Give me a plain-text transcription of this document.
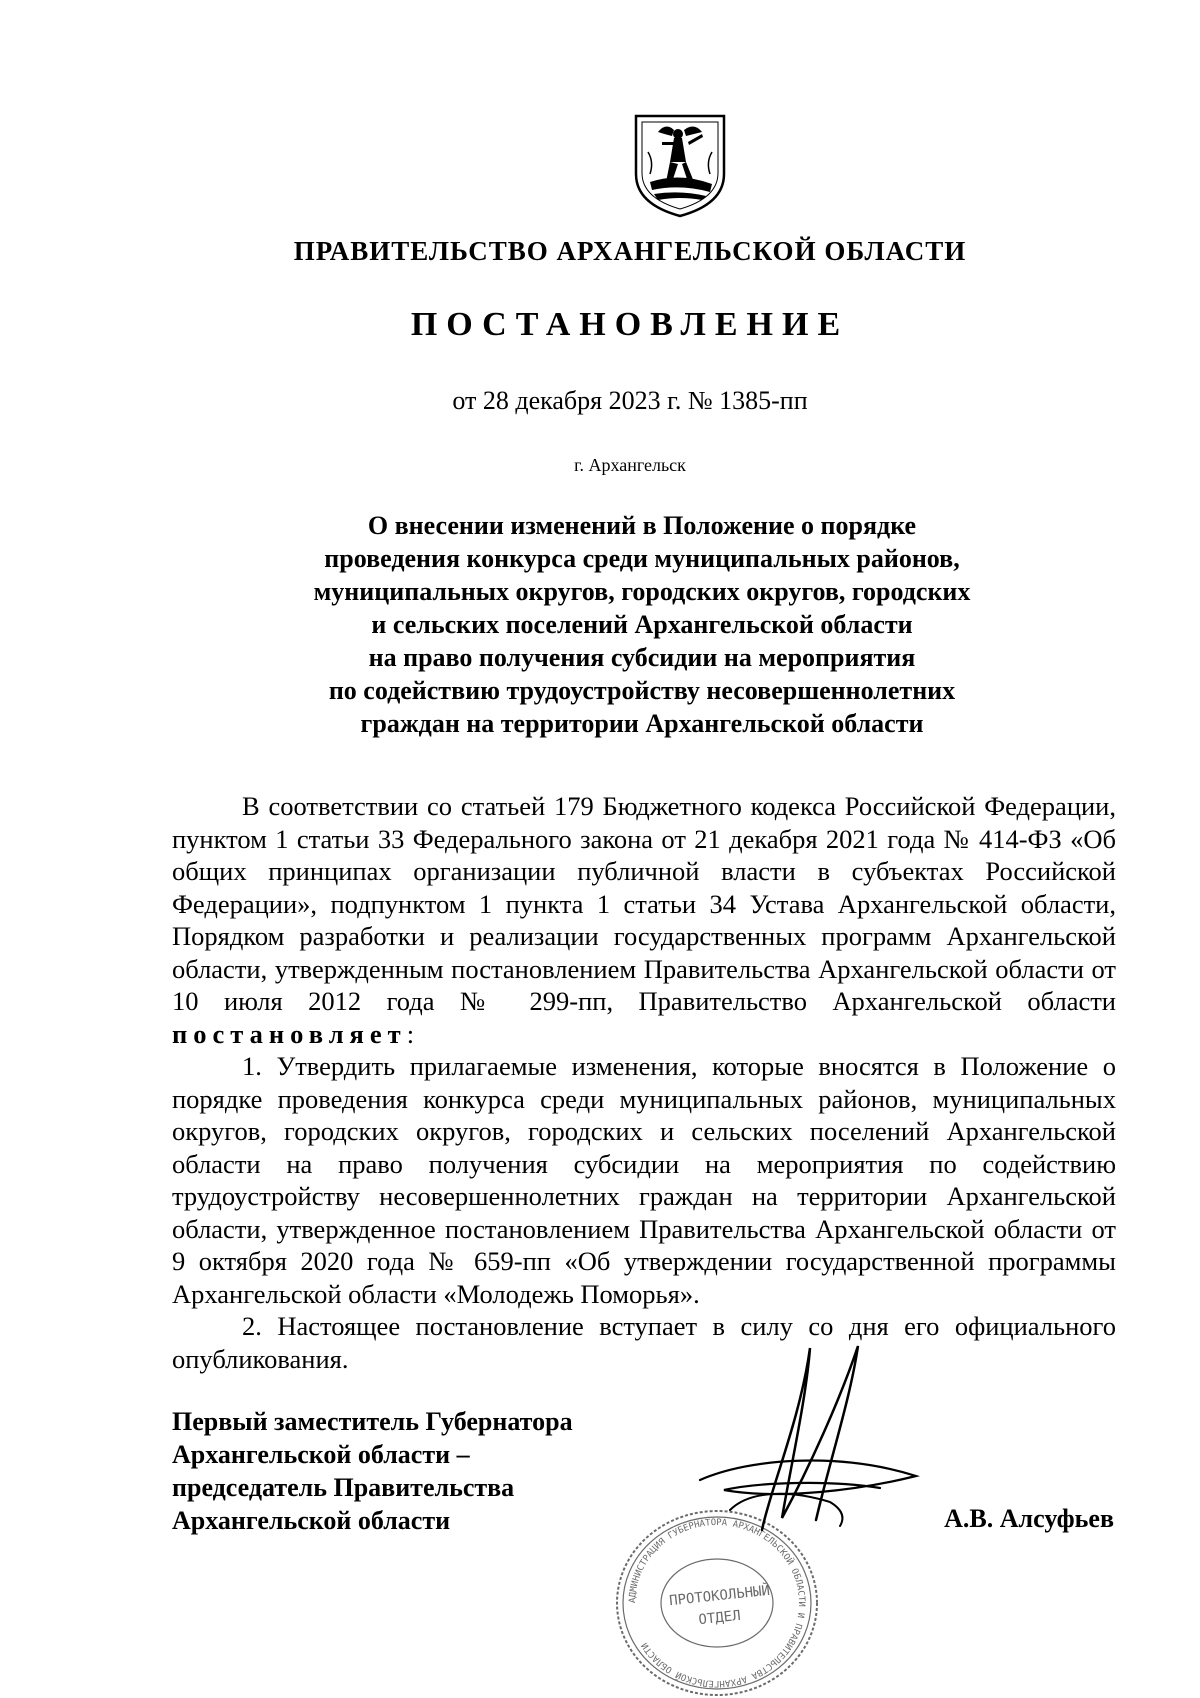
ПРАВИТЕЛЬСТВО АРХАНГЕЛЬСКОЙ ОБЛАСТИ
ПОСТАНОВЛЕНИЕ
от 28 декабря 2023 г. № 1385-пп
г. Архангельск
О внесении изменений в Положение о порядке
проведения конкурса среди муниципальных районов,
муниципальных округов, городских округов, городских
и сельских поселений Архангельской области
на право получения субсидии на мероприятия
по содействию трудоустройству несовершеннолетних
граждан на территории Архангельской области

В соответствии со статьей 179 Бюджетного кодекса Российской Федерации, пунктом 1 статьи 33 Федерального закона от 21 декабря 2021 года № 414-ФЗ «Об общих принципах организации публичной власти в субъектах Российской Федерации», подпунктом 1 пункта 1 статьи 34 Устава Архангельской области, Порядком разработки и реализации государственных программ Архангельской области, утвержденным постановлением Правительства Архангельской области от 10 июля 2012 года № 299-пп, Правительство Архангельской области постановляет:

1. Утвердить прилагаемые изменения, которые вносятся в Положение о порядке проведения конкурса среди муниципальных районов, муниципальных округов, городских округов, городских и сельских поселений Архангельской области на право получения субсидии на мероприятия по содействию трудоустройству несовершеннолетних граждан на территории Архангельской области, утвержденное постановлением Правительства Архангельской области от 9 октября 2020 года № 659-пп «Об утверждении государственной программы Архангельской области «Молодежь Поморья».

2. Настоящее постановление вступает в силу со дня его официального опубликования.

Первый заместитель Губернатора
Архангельской области –
председатель Правительства
Архангельской области
АДМИНИСТРАЦИЯ ГУБЕРНАТОРА АРХАНГЕЛЬСКОЙ ОБЛАСТИ И ПРАВИТЕЛЬСТВА АРХАНГЕЛЬСКОЙ ОБЛАСТИ
ПРОТОКОЛЬНЫЙ
ОТДЕЛ
А.В. Алсуфьев
